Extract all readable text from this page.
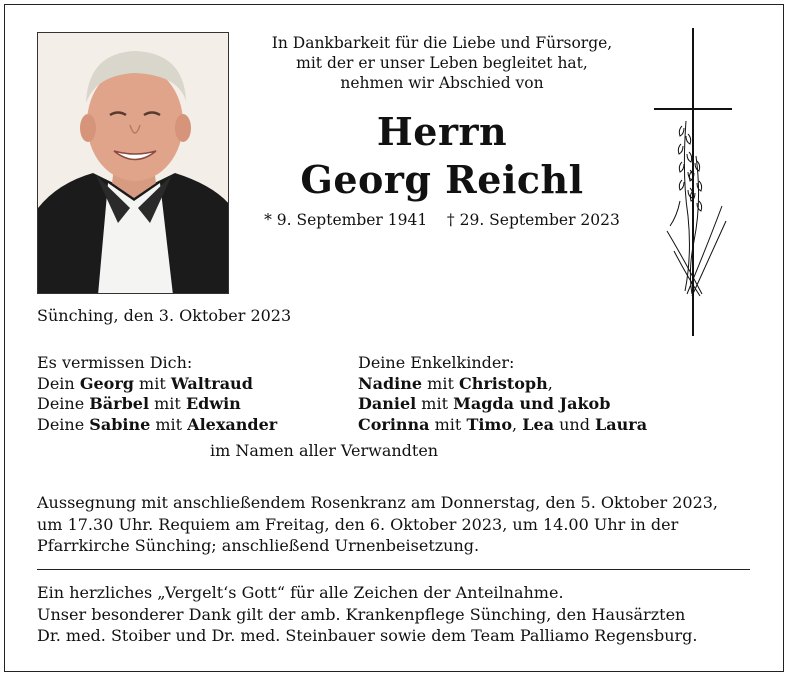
In Dankbarkeit für die Liebe und Fürsorge,
mit der er unser Leben begleitet hat,
nehmen wir Abschied von
Herrn
Georg Reichl
* 9. September 1941 † 29. September 2023
Sünching, den 3. Oktober 2023
Es vermissen Dich:
Dein Georg mit Waltraud
Deine Bärbel mit Edwin
Deine Sabine mit Alexander
Deine Enkelkinder:
Nadine mit Christoph,
Daniel mit Magda und Jakob
Corinna mit Timo, Lea und Laura
im Namen aller Verwandten
Aussegnung mit anschließendem Rosenkranz am Donnerstag, den 5. Oktober 2023,
um 17.30 Uhr. Requiem am Freitag, den 6. Oktober 2023, um 14.00 Uhr in der
Pfarrkirche Sünching; anschließend Urnenbeisetzung.
Ein herzliches „Vergelt‘s Gott“ für alle Zeichen der Anteilnahme.
Unser besonderer Dank gilt der amb. Krankenpflege Sünching, den Hausärzten
Dr. med. Stoiber und Dr. med. Steinbauer sowie dem Team Palliamo Regensburg.
